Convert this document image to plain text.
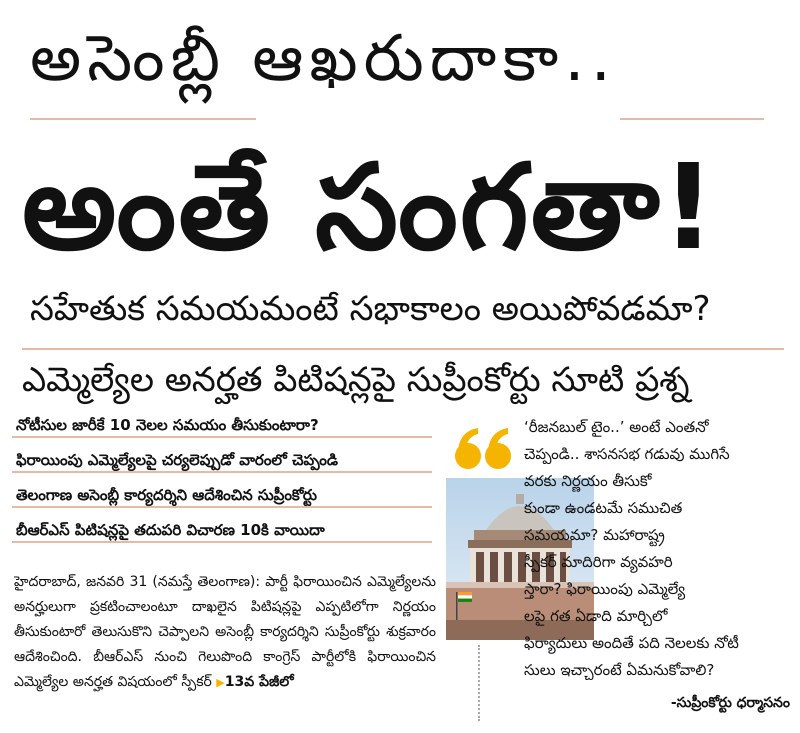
అసెంబ్లీ ఆఖరుదాకా..
అంతే సంగతా!
సహేతుక సమయమంటే సభాకాలం అయిపోవడమా?
ఎమ్మెల్యేల అనర్హత పిటిషన్లపై సుప్రీంకోర్టు సూటి ప్రశ్న
నోటీసుల జారీకే 10 నెలల సమయం తీసుకుంటారా?
ఫిరాయింపు ఎమ్మెల్యేలపై చర్యలెప్పుడో వారంలో చెప్పండి
తెలంగాణ అసెంబ్లీ కార్యదర్శిని ఆదేశించిన సుప్రీంకోర్టు
బీఆర్ఎస్ పిటిషన్లపై తదుపరి విచారణ 10కి వాయిదా
హైదరాబాద్, జనవరి 31 (నమస్తే తెలంగాణ): పార్టీ ఫిరాయించిన ఎమ్మెల్యేలను అనర్హులుగా ప్రకటించాలంటూ దాఖలైన పిటిషన్లపై ఎప్పటిలోగా నిర్ణయం తీసుకుంటారో తెలుసుకొని చెప్పాలని అసెంబ్లీ కార్యదర్శిని సుప్రీంకోర్టు శుక్రవారం ఆదేశించింది. బీఆర్ఎస్ నుంచి గెలుపొంది కాంగ్రెస్ పార్టీలోకి ఫిరాయించిన ఎమ్మెల్యేల అనర్హత విషయంలో స్పీకర్ ▶13వ పేజీలో
‘రీజనబుల్ టైం..’ అంటే ఎంతనో
చెప్పండి.. శాసనసభ గడువు ముగిసే
వరకు నిర్ణయం తీసుకో
కుండా ఉండటమే సముచిత
సమయమా? మహారాష్ట్ర
స్పీకర్ మాదిరిగా వ్యవహరి
స్తారా? ఫిరాయింపు ఎమ్మెల్యే
లపై గత ఏడాది మార్చిలో
ఫిర్యాదులు అందితే పది నెలలకు నోటీ
సులు ఇచ్చారంటే ఏమనుకోవాలి?
-సుప్రీంకోర్టు ధర్మాసనం
